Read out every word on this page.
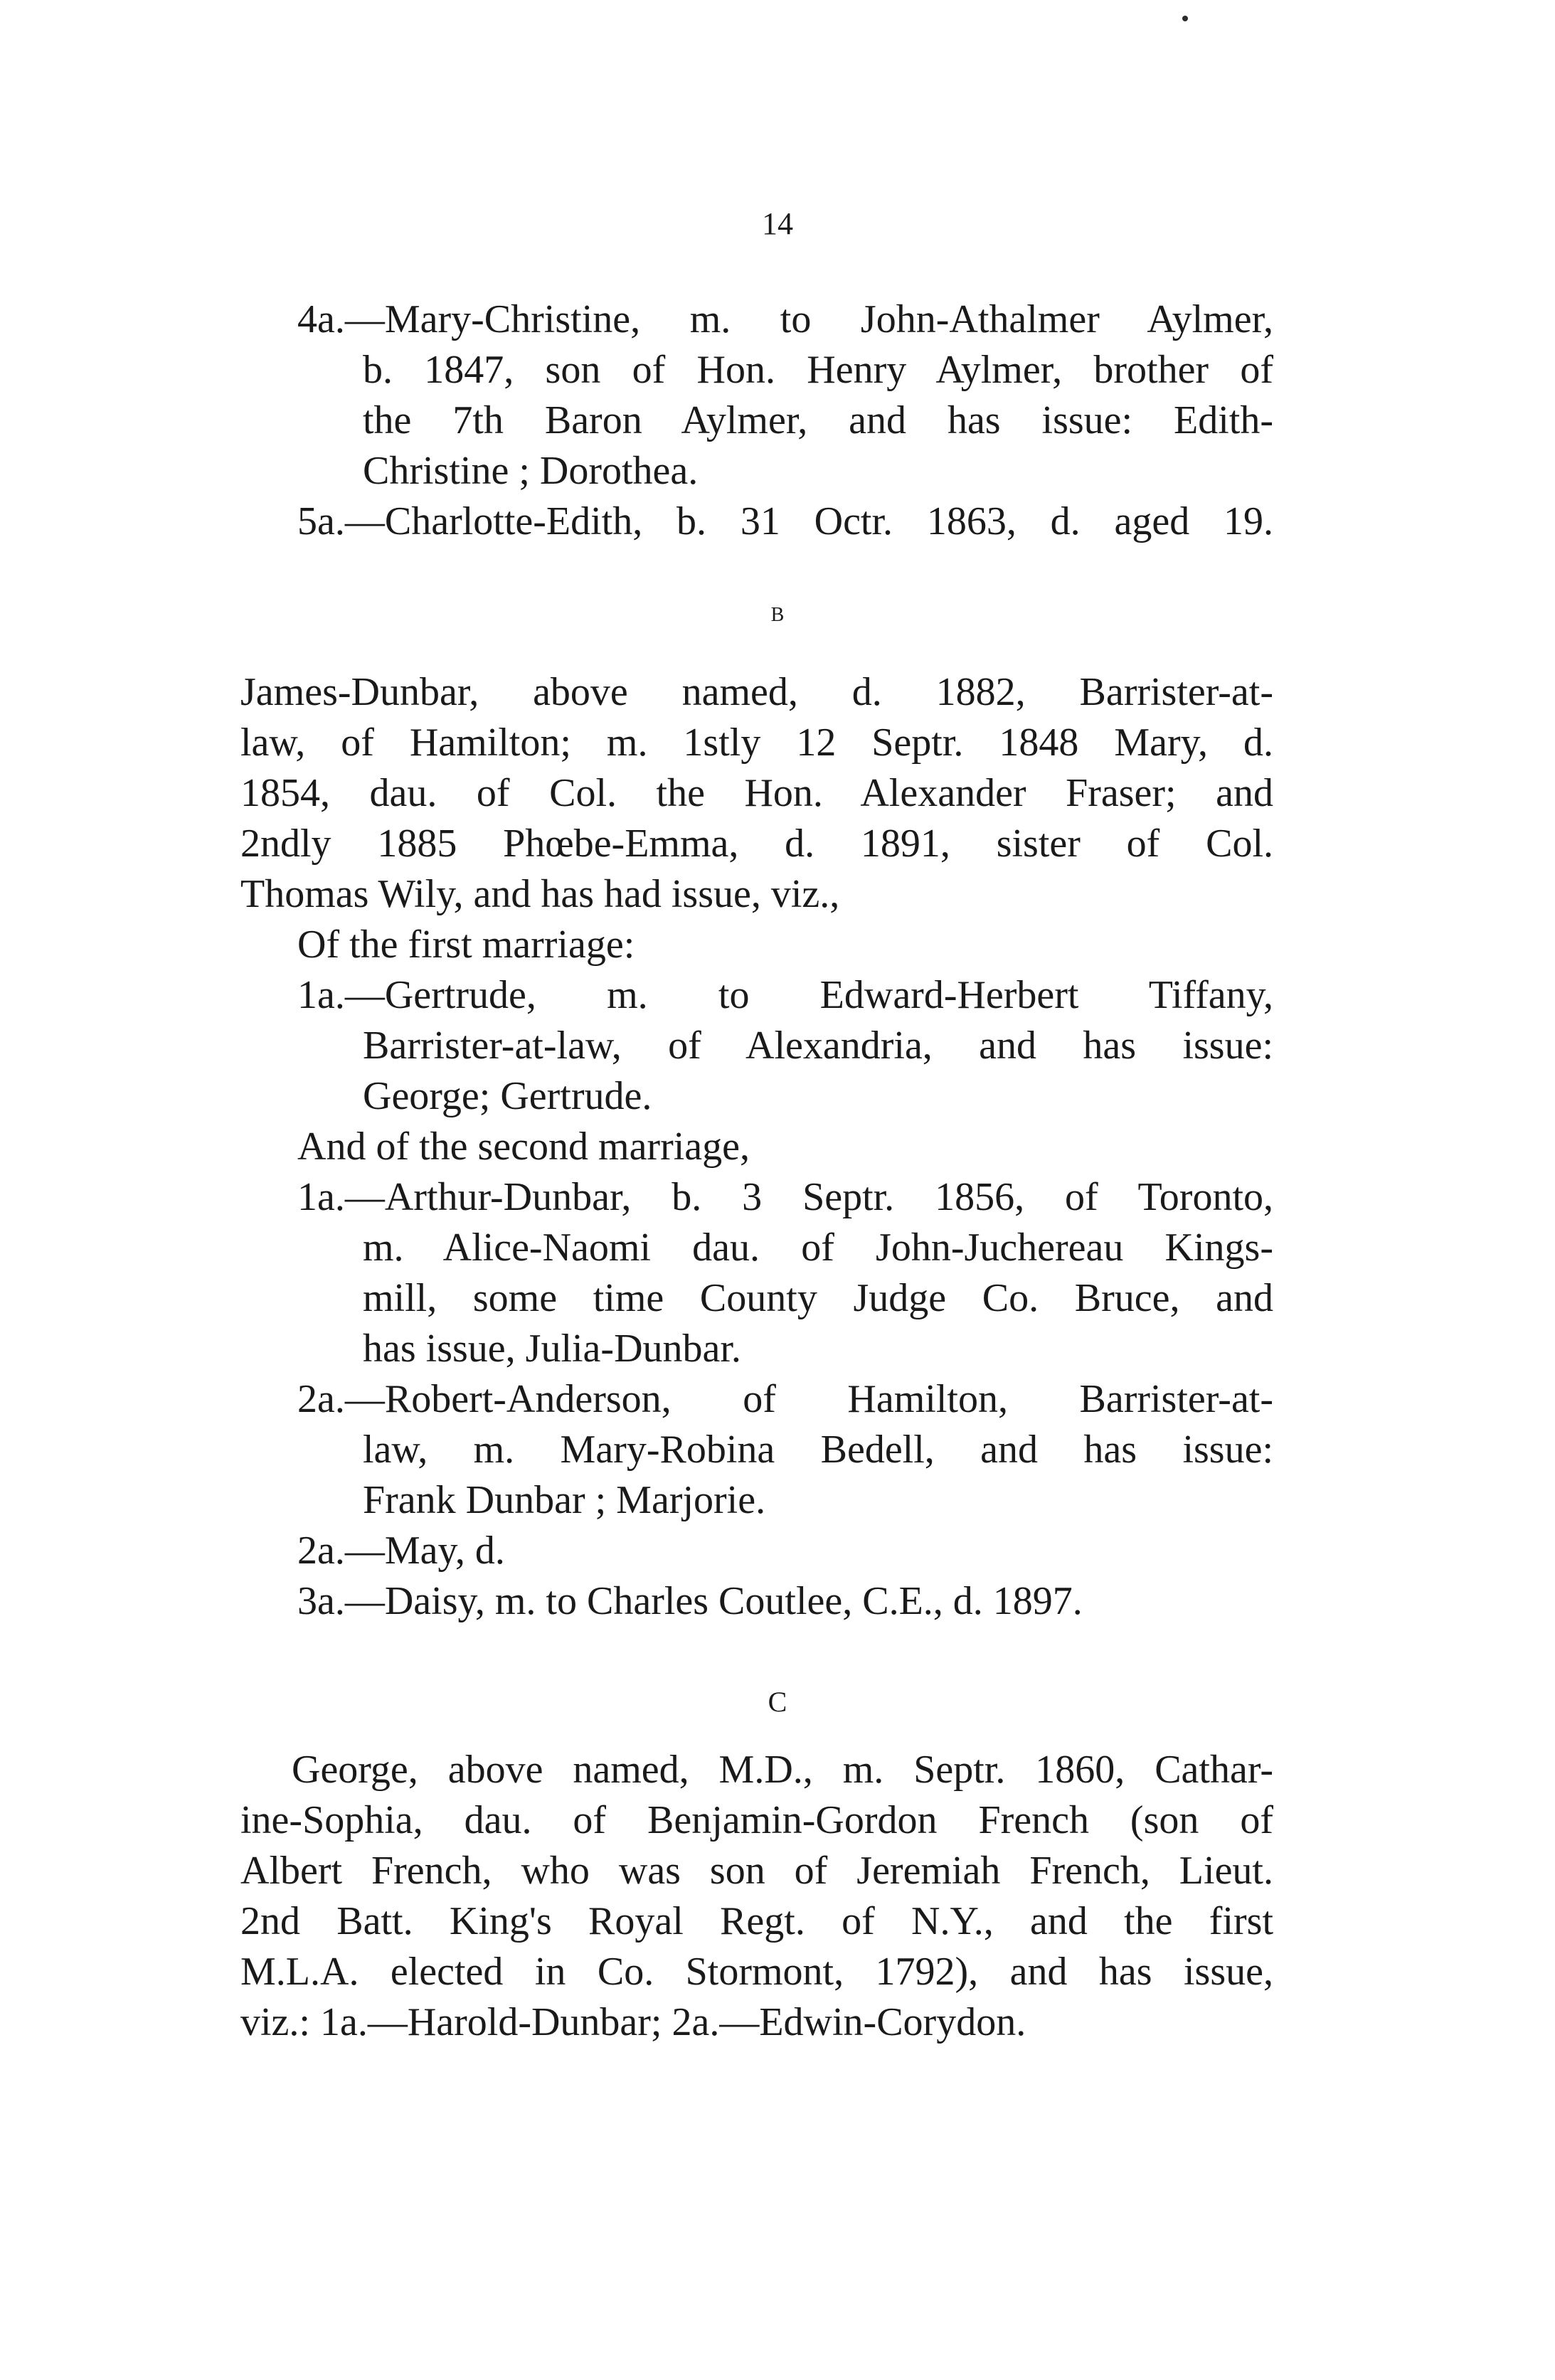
14
4a.—Mary-Christine, m. to John-Athalmer Aylmer,
b. 1847, son of Hon. Henry Aylmer, brother of
the 7th Baron Aylmer, and has issue: Edith-
Christine ; Dorothea.
5a.—Charlotte-Edith, b. 31 Octr. 1863, d. aged 19.
B
James-Dunbar, above named, d. 1882, Barrister-at-
law, of Hamilton; m. 1stly 12 Septr. 1848 Mary, d.
1854, dau. of Col. the Hon. Alexander Fraser; and
2ndly 1885 Phœbe-Emma, d. 1891, sister of Col.
Thomas Wily, and has had issue, viz.,
Of the first marriage:
1a.—Gertrude, m. to Edward-Herbert Tiffany,
Barrister-at-law, of Alexandria, and has issue:
George; Gertrude.
And of the second marriage,
1a.—Arthur-Dunbar, b. 3 Septr. 1856, of Toronto,
m. Alice-Naomi dau. of John-Juchereau Kings-
mill, some time County Judge Co. Bruce, and
has issue, Julia-Dunbar.
2a.—Robert-Anderson, of Hamilton, Barrister-at-
law, m. Mary-Robina Bedell, and has issue:
Frank Dunbar ; Marjorie.
2a.—May, d.
3a.—Daisy, m. to Charles Coutlee, C.E., d. 1897.
C
George, above named, M.D., m. Septr. 1860, Cathar-
ine-Sophia, dau. of Benjamin-Gordon French (son of
Albert French, who was son of Jeremiah French, Lieut.
2nd Batt. King's Royal Regt. of N.Y., and the first
M.L.A. elected in Co. Stormont, 1792), and has issue,
viz.: 1a.—Harold-Dunbar; 2a.—Edwin-Corydon.
